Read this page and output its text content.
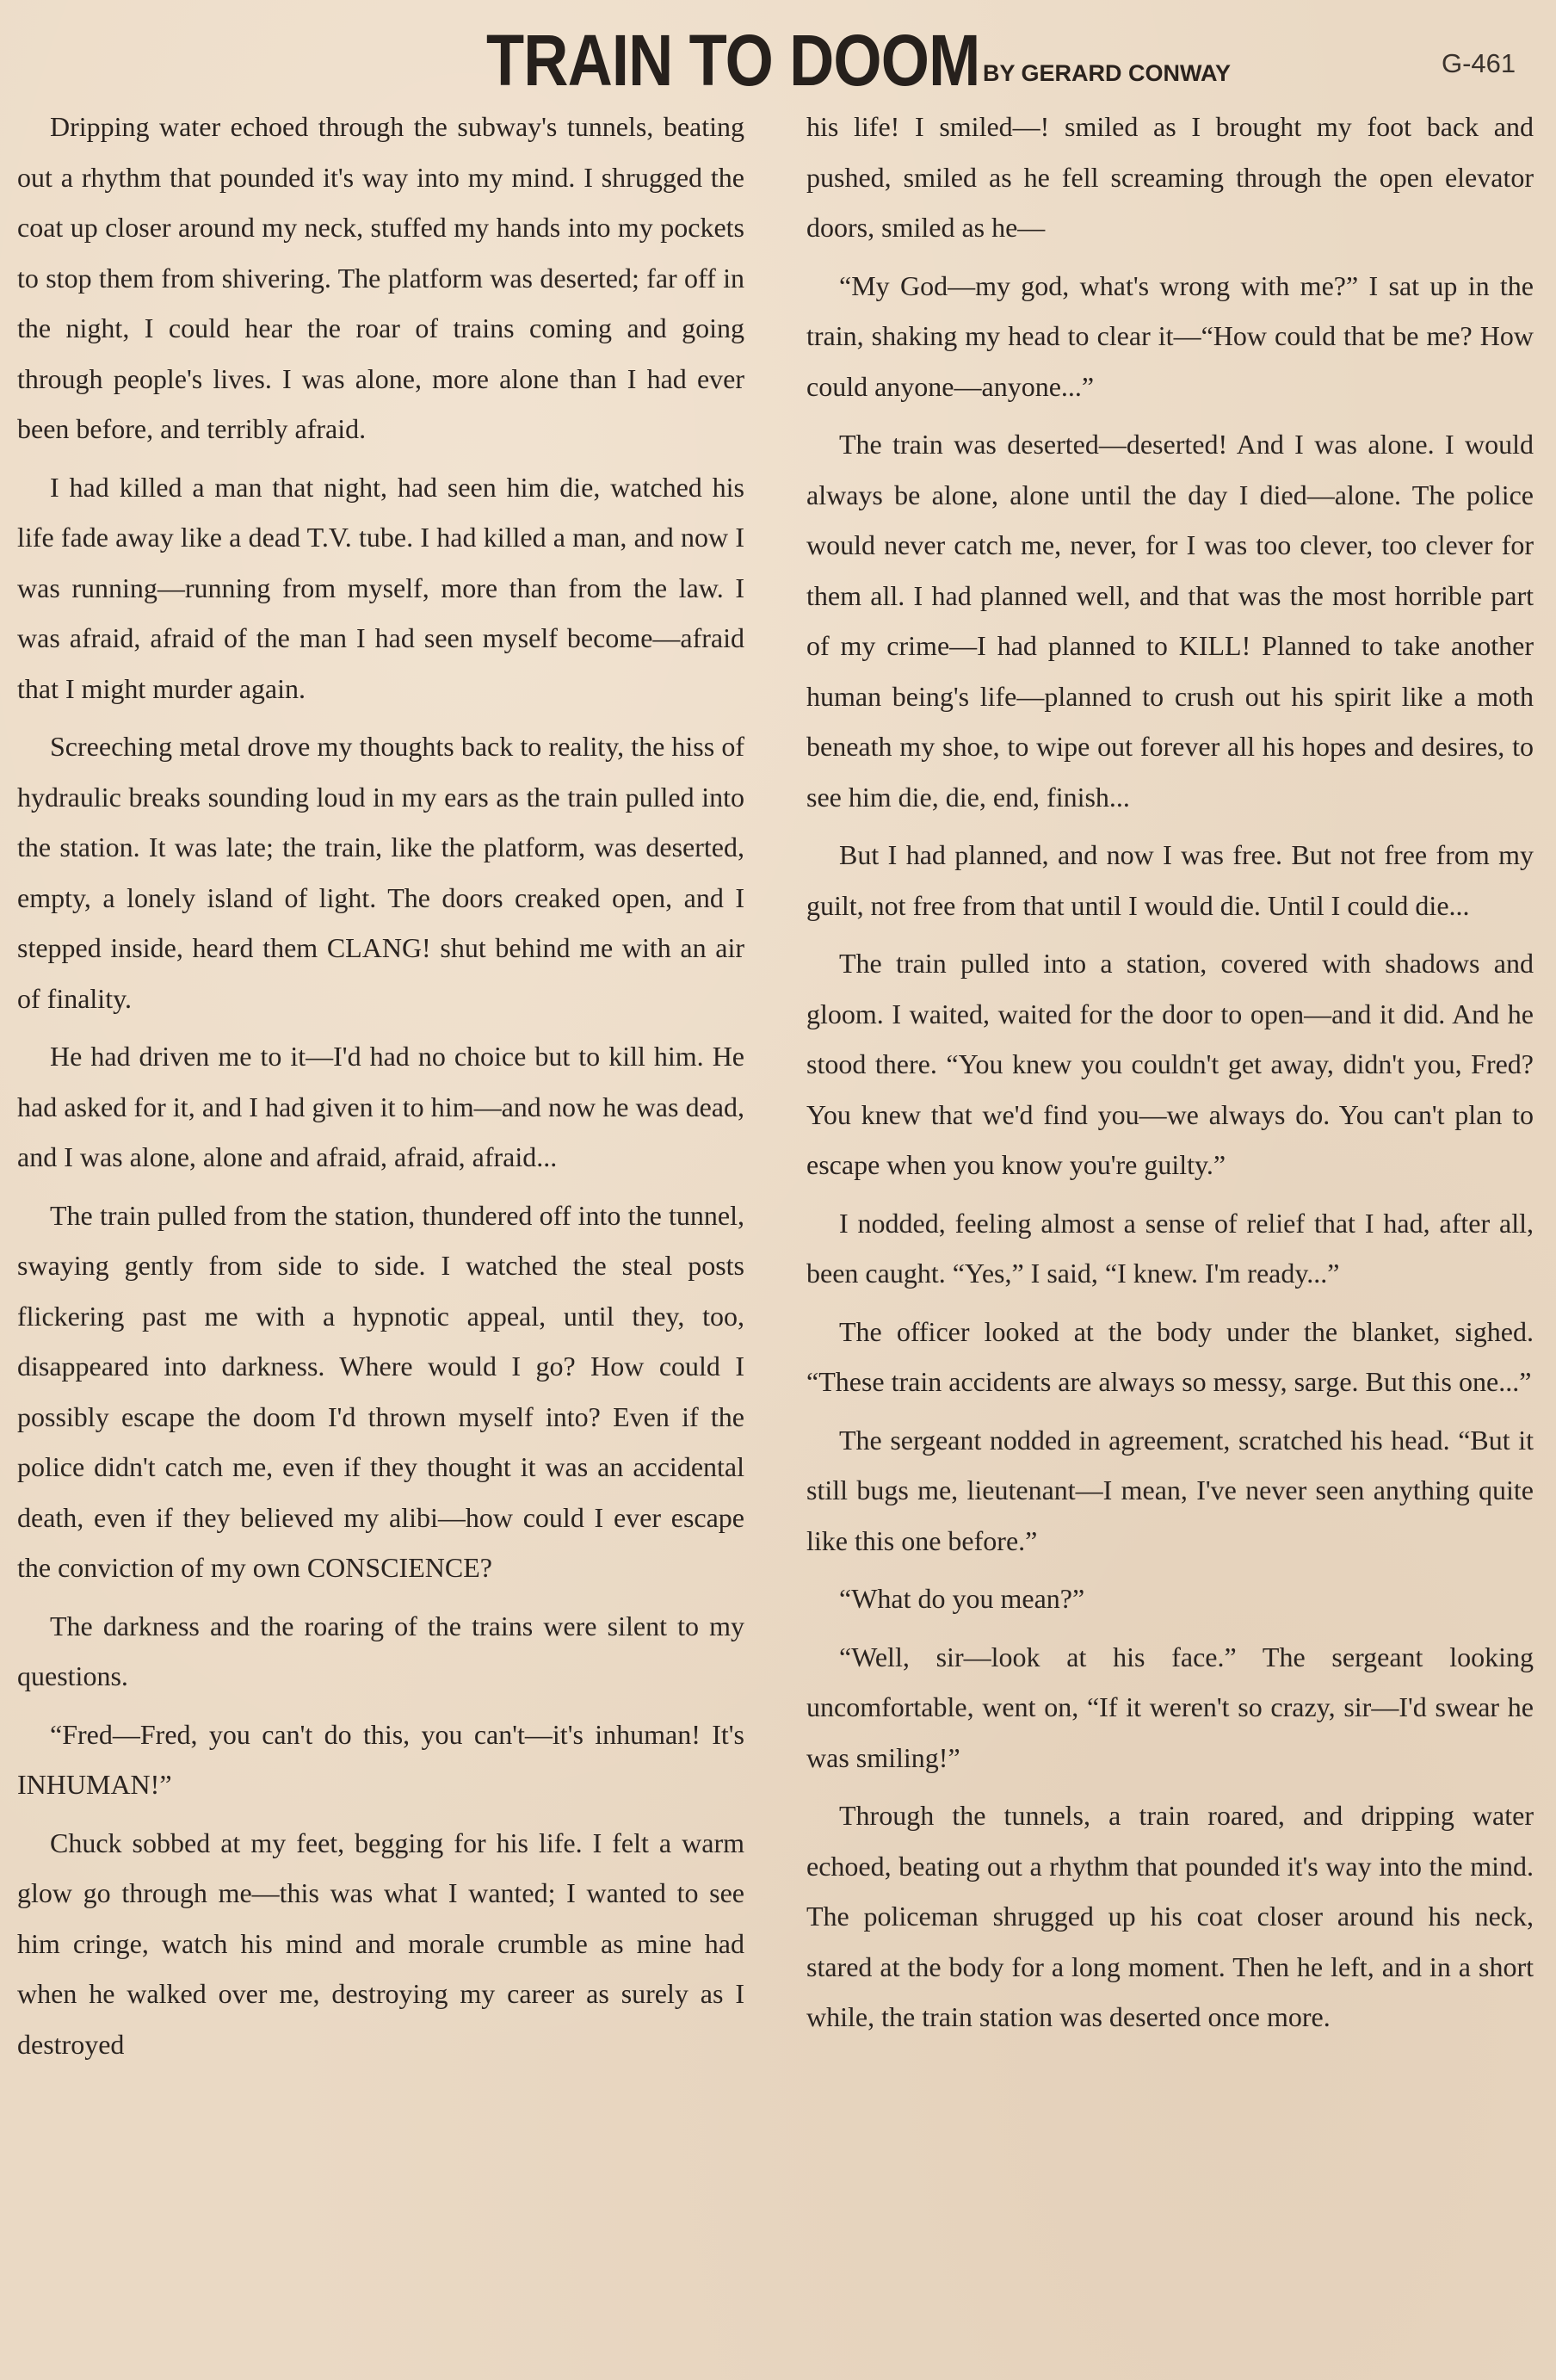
TRAIN TO DOOM BY GERARD CONWAY	G-461

Dripping water echoed through the subway's tunnels, beating out a rhythm that pounded it's way into my mind. I shrugged the coat up closer around my neck, stuffed my hands into my pockets to stop them from shivering. The platform was deserted; far off in the night, I could hear the roar of trains coming and going through people's lives. I was alone, more alone than I had ever been before, and terribly afraid.

I had killed a man that night, had seen him die, watched his life fade away like a dead T.V. tube. I had killed a man, and now I was running—running from myself, more than from the law. I was afraid, afraid of the man I had seen myself become—afraid that I might murder again.

Screeching metal drove my thoughts back to reality, the hiss of hydraulic breaks sounding loud in my ears as the train pulled into the station. It was late; the train, like the platform, was deserted, empty, a lonely island of light. The doors creaked open, and I stepped inside, heard them CLANG! shut behind me with an air of finality.

He had driven me to it—I'd had no choice but to kill him. He had asked for it, and I had given it to him—and now he was dead, and I was alone, alone and afraid, afraid, afraid...

The train pulled from the station, thundered off into the tunnel, swaying gently from side to side. I watched the steal posts flickering past me with a hypnotic appeal, until they, too, disappeared into darkness. Where would I go? How could I possibly escape the doom I'd thrown myself into? Even if the police didn't catch me, even if they thought it was an accidental death, even if they believed my alibi—how could I ever escape the conviction of my own CONSCIENCE?

The darkness and the roaring of the trains were silent to my questions.

“Fred—Fred, you can't do this, you can't—it's inhuman! It's INHUMAN!”

Chuck sobbed at my feet, begging for his life. I felt a warm glow go through me—this was what I wanted; I wanted to see him cringe, watch his mind and morale crumble as mine had when he walked over me, destroying my career as surely as I destroyed

his life! I smiled—! smiled as I brought my foot back and pushed, smiled as he fell screaming through the open elevator doors, smiled as he—

“My God—my god, what's wrong with me?” I sat up in the train, shaking my head to clear it—“How could that be me? How could anyone—anyone...”

The train was deserted—deserted! And I was alone. I would always be alone, alone until the day I died—alone. The police would never catch me, never, for I was too clever, too clever for them all. I had planned well, and that was the most horrible part of my crime—I had planned to KILL! Planned to take another human being's life—planned to crush out his spirit like a moth beneath my shoe, to wipe out forever all his hopes and desires, to see him die, die, end, finish...

But I had planned, and now I was free. But not free from my guilt, not free from that until I would die. Until I could die...

The train pulled into a station, covered with shadows and gloom. I waited, waited for the door to open—and it did. And he stood there. “You knew you couldn't get away, didn't you, Fred? You knew that we'd find you—we always do. You can't plan to escape when you know you're guilty.”

I nodded, feeling almost a sense of relief that I had, after all, been caught. “Yes,” I said, “I knew. I'm ready...”

The officer looked at the body under the blanket, sighed. “These train accidents are always so messy, sarge. But this one...”

The sergeant nodded in agreement, scratched his head. “But it still bugs me, lieutenant—I mean, I've never seen anything quite like this one before.”

“What do you mean?”

“Well, sir—look at his face.” The sergeant looking uncomfortable, went on, “If it weren't so crazy, sir—I'd swear he was smiling!”

Through the tunnels, a train roared, and dripping water echoed, beating out a rhythm that pounded it's way into the mind. The policeman shrugged up his coat closer around his neck, stared at the body for a long moment. Then he left, and in a short while, the train station was deserted once more.
